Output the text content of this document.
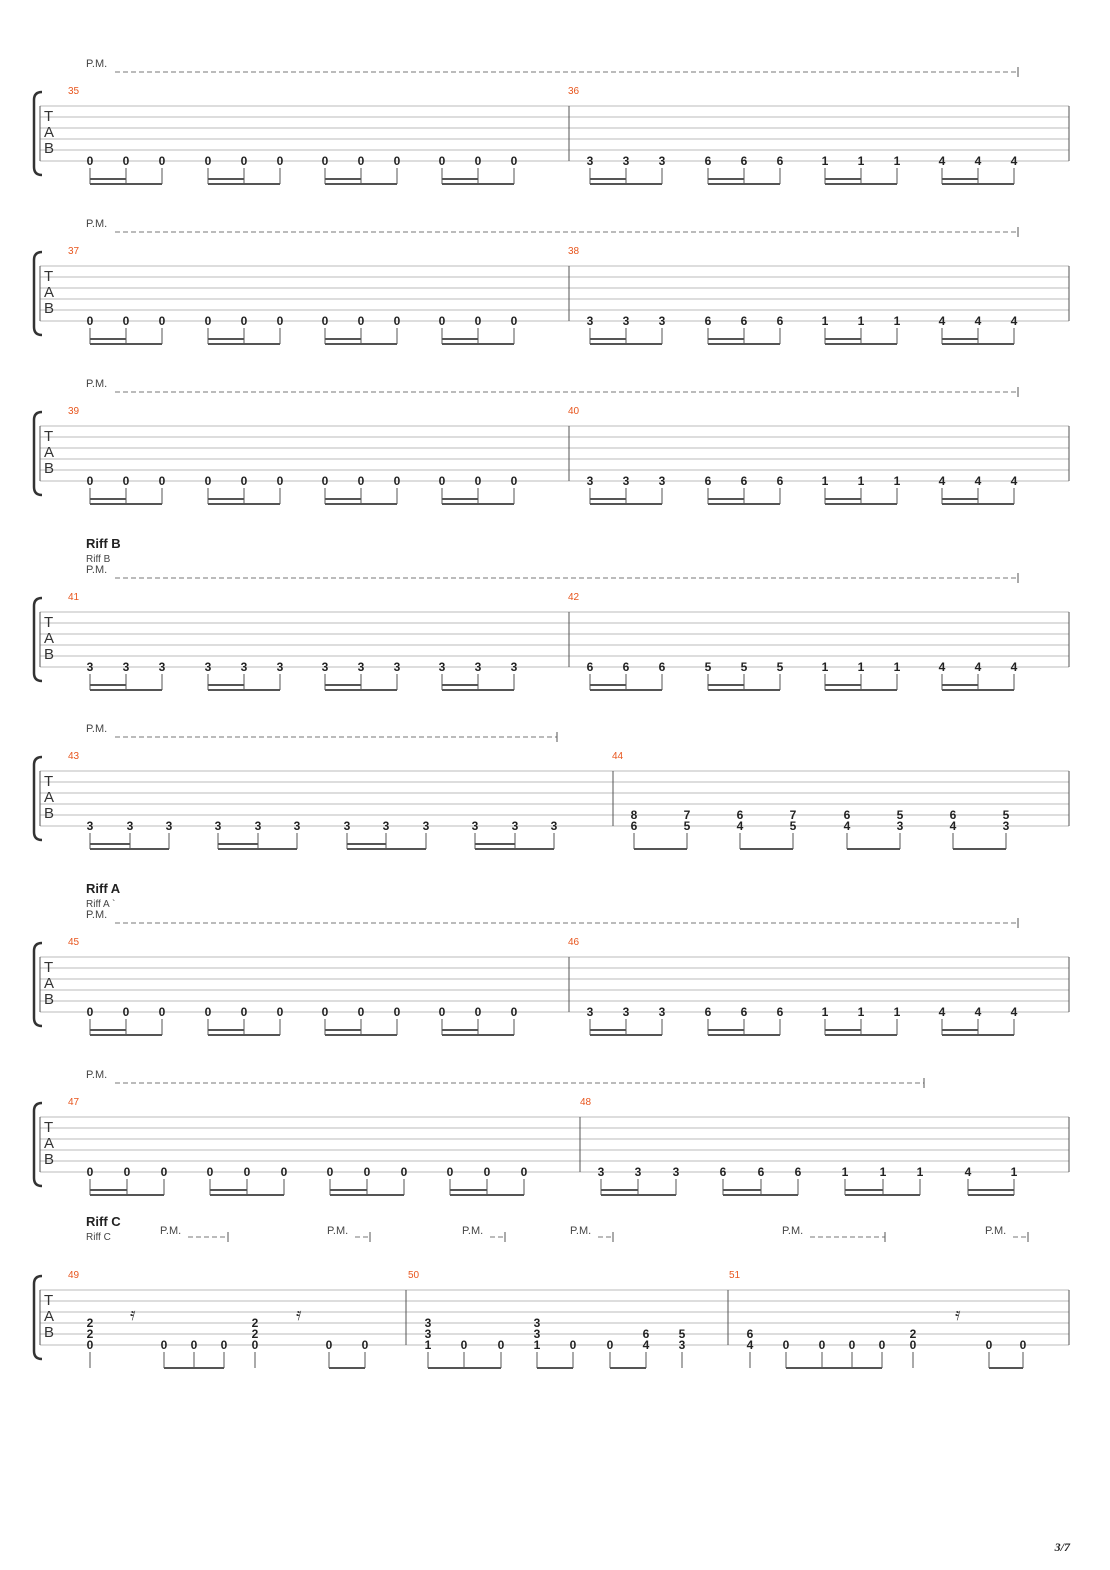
P.M.
T
A
B
35
0 0 0	0 0 0	0 0 0	0 0 0
36
3 3 3	6 6 6	1 1 1	4 4 4
P.M.
T
A
B
37
0 0 0	0 0 0	0 0 0	0 0 0
38
3 3 3	6 6 6	1 1 1	4 4 4
P.M.
T
A
B
39
0 0 0	0 0 0	0 0 0	0 0 0
40
3 3 3	6 6 6	1 1 1	4 4 4
Riff B
Riff B
P.M.
T
A
B
41
3 3 3	3 3 3	3 3 3	3 3 3
42
6 6 6	5 5 5	1 1 1	4 4 4
P.M.
T
A
B
43
3	3	3	3	3	3	3	3	3	3	3	3
44
8
6
7
5
6
4
7
5
6
4
5
3
6
4
5
3
Riff A
Riff A `
P.M.
T
A
B
45
0 0 0	0 0 0	0 0 0	0 0 0
46
3 3 3	6 6 6	1 1 1	4 4 4
P.M.
T
A
B
47
0	0	0	0	0	0	0	0	0	0	0	0
48
3	3	3	6	6	6	1	1	1	4	1
Riff C
Riff C
P.M.	P.M.	P.M.	P.M.	P.M.	P.M.
T
A
B
49
2
2
0
𝄿
0 0 0
2
2
0
𝄿
0 0
50
3
3
1 0	0
3
3
1 0	0
6
4
5
3
51
6
4 0 0 0 0
2
0
𝄿
0 0
3/7
